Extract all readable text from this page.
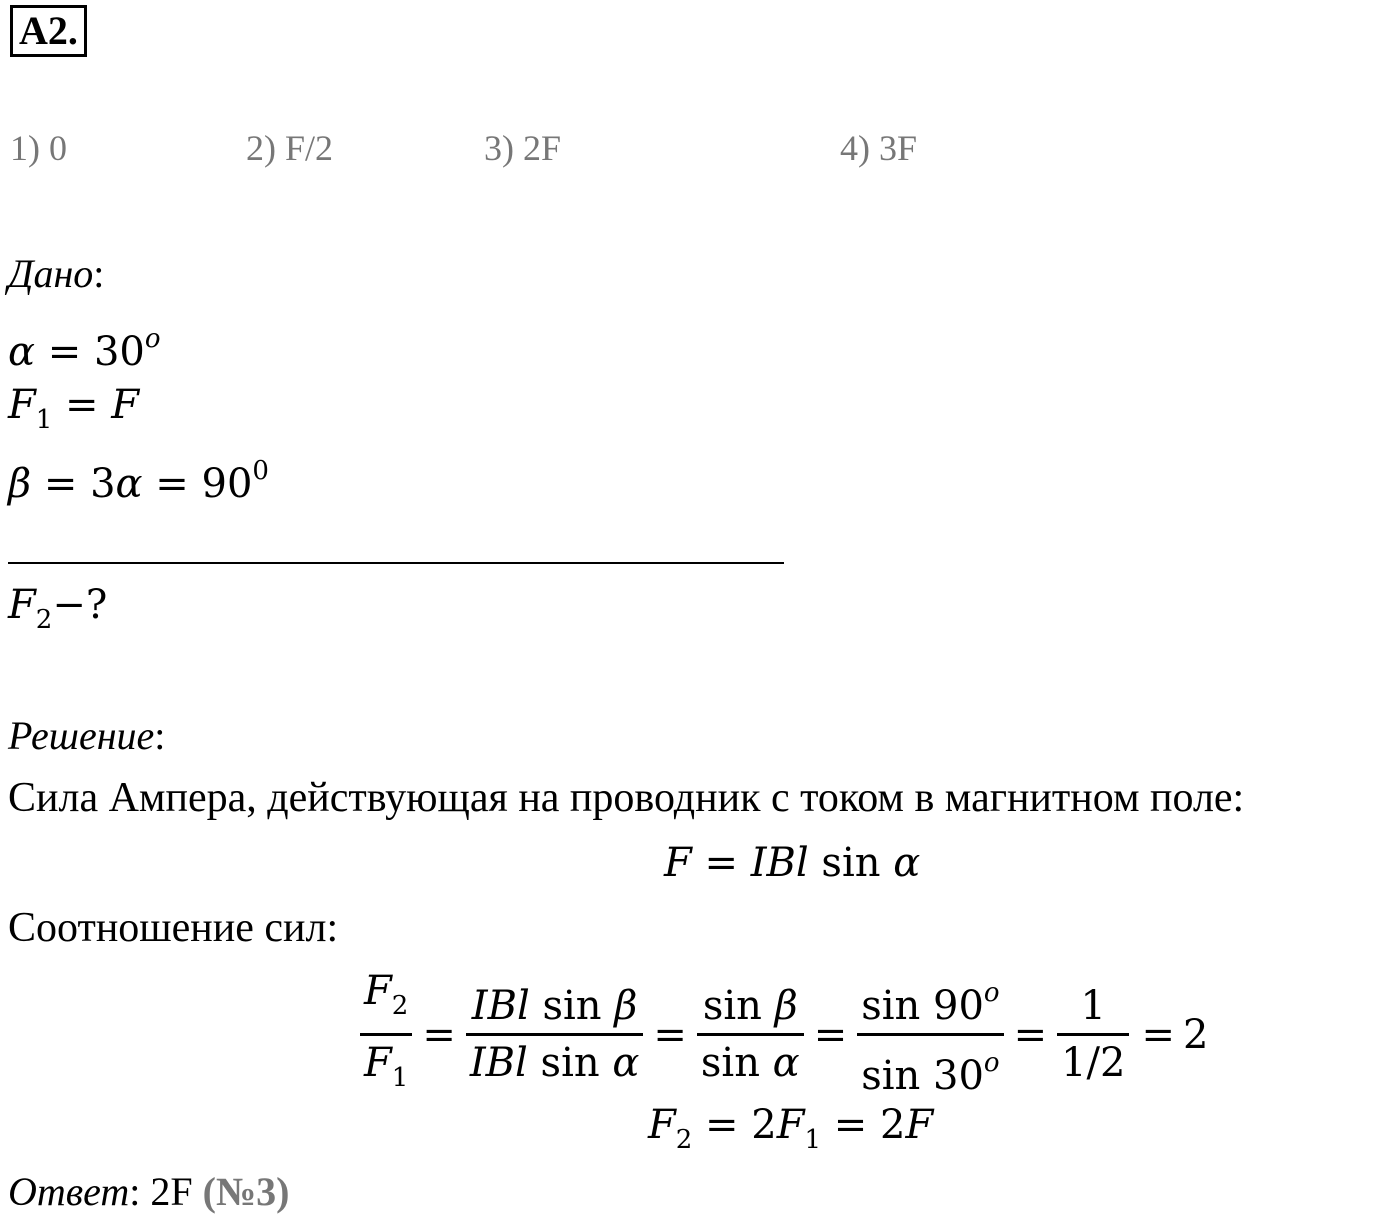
A2.
1) 0	2) F/2	3) 2F	4) 3F
Дано:
$\alpha = 30^o$
$F_1 = F$
$\beta = 3\alpha = 90^0$
$F_2-$?
Решение:
Сила Ампера, действующая на проводник с током в магнитном поле:
F = IBl sin α
Соотношение сил:
$\frac{F_2}{F_1} = \frac{\text{IBl sin β}}{\text{IBl sin α}} = \frac{\text{sin β}}{\text{sin α}} = \frac{\sin 90^o}{\sin 30^o} = \frac{1}{1/2} = 2$
$F_2 = 2F_1 = 2F$
Ответ: 2F (№3)
